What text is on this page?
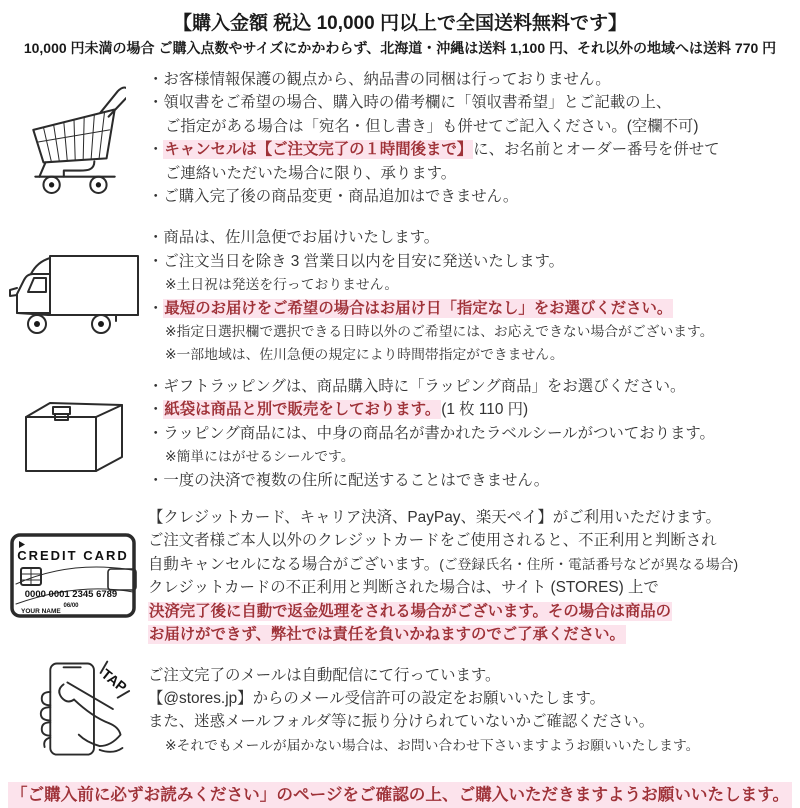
【購入金額 税込 10,000 円以上で全国送料無料です】
10,000 円未満の場合 ご購入点数やサイズにかかわらず、北海道・沖縄は送料 1,100 円、それ以外の地域へは送料 770 円
・お客様情報保護の観点から、納品書の同梱は行っておりません。
・領収書をご希望の場合、購入時の備考欄に「領収書希望」とご記載の上、
ご指定がある場合は「宛名・但し書き」も併せてご記入ください。(空欄不可)
・キャンセルは【ご注文完了の１時間後まで】に、お名前とオーダー番号を併せて
ご連絡いただいた場合に限り、承ります。
・ご購入完了後の商品変更・商品追加はできません。
・商品は、佐川急便でお届けいたします。
・ご注文当日を除き 3 営業日以内を目安に発送いたします。
※土日祝は発送を行っておりません。
・最短のお届けをご希望の場合はお届け日「指定なし」をお選びください。
※指定日選択欄で選択できる日時以外のご希望には、お応えできない場合がございます。
※一部地域は、佐川急便の規定により時間帯指定ができません。
・ギフトラッピングは、商品購入時に「ラッピング商品」をお選びください。
・紙袋は商品と別で販売をしております。(1 枚 110 円)
・ラッピング商品には、中身の商品名が書かれたラベルシールがついております。
※簡単にはがせるシールです。
・一度の決済で複数の住所に配送することはできません。
CREDIT CARD
0000 0001 2345 6789
06/00
YOUR NAME
【クレジットカード、キャリア決済、PayPay、楽天ペイ】がご利用いただけます。
ご注文者様ご本人以外のクレジットカードをご使用されると、不正利用と判断され
自動キャンセルになる場合がございます。(ご登録氏名・住所・電話番号などが異なる場合)
クレジットカードの不正利用と判断された場合は、サイト (STORES) 上で
決済完了後に自動で返金処理をされる場合がございます。その場合は商品の
お届けができず、弊社では責任を負いかねますのでご了承ください。
TAP ご注文完了のメールは自動配信にて行っています。
【@stores.jp】からのメール受信許可の設定をお願いいたします。
また、迷惑メールフォルダ等に振り分けられていないかご確認ください。
※それでもメールが届かない場合は、お問い合わせ下さいますようお願いいたします。
「ご購入前に必ずお読みください」のページをご確認の上、ご購入いただきますようお願いいたします。
